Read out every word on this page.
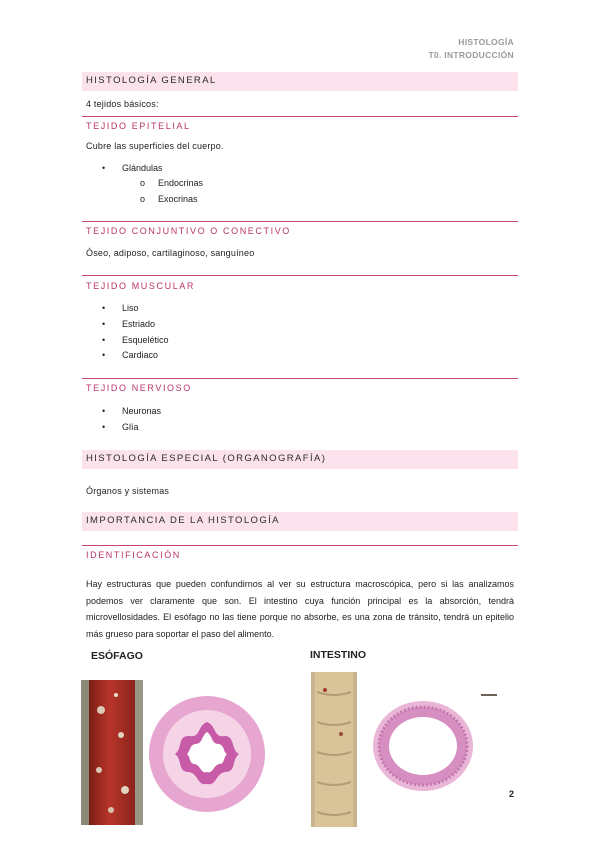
HISTOLOGÍA
T0. INTRODUCCIÓN
HISTOLOGÍA GENERAL
4 tejidos básicos:
TEJIDO EPITELIAL
Cubre las superficies del cuerpo.
• Glándulas
o Endocrinas
o Exocrinas
TEJIDO CONJUNTIVO O CONECTIVO
Óseo, adiposo, cartilaginoso, sanguíneo
TEJIDO MUSCULAR
• Liso
• Estriado
• Esquelético
• Cardiaco
TEJIDO NERVIOSO
• Neuronas
• Glía
HISTOLOGÍA ESPECIAL (ORGANOGRAFÍA)
Órganos y sistemas
IMPORTANCIA DE LA HISTOLOGÍA
IDENTIFICACIÓN
Hay estructuras que pueden confundirnos al ver su estructura macroscópica, pero si las analizamos podemos ver claramente que son. El intestino cuya función principal es la absorción, tendrá microvellosidades. El esófago no las tiene porque no absorbe, es una zona de tránsito, tendrá un epitelio más grueso para soportar el paso del alimento.
ESÓFAGO	INTESTINO
2
